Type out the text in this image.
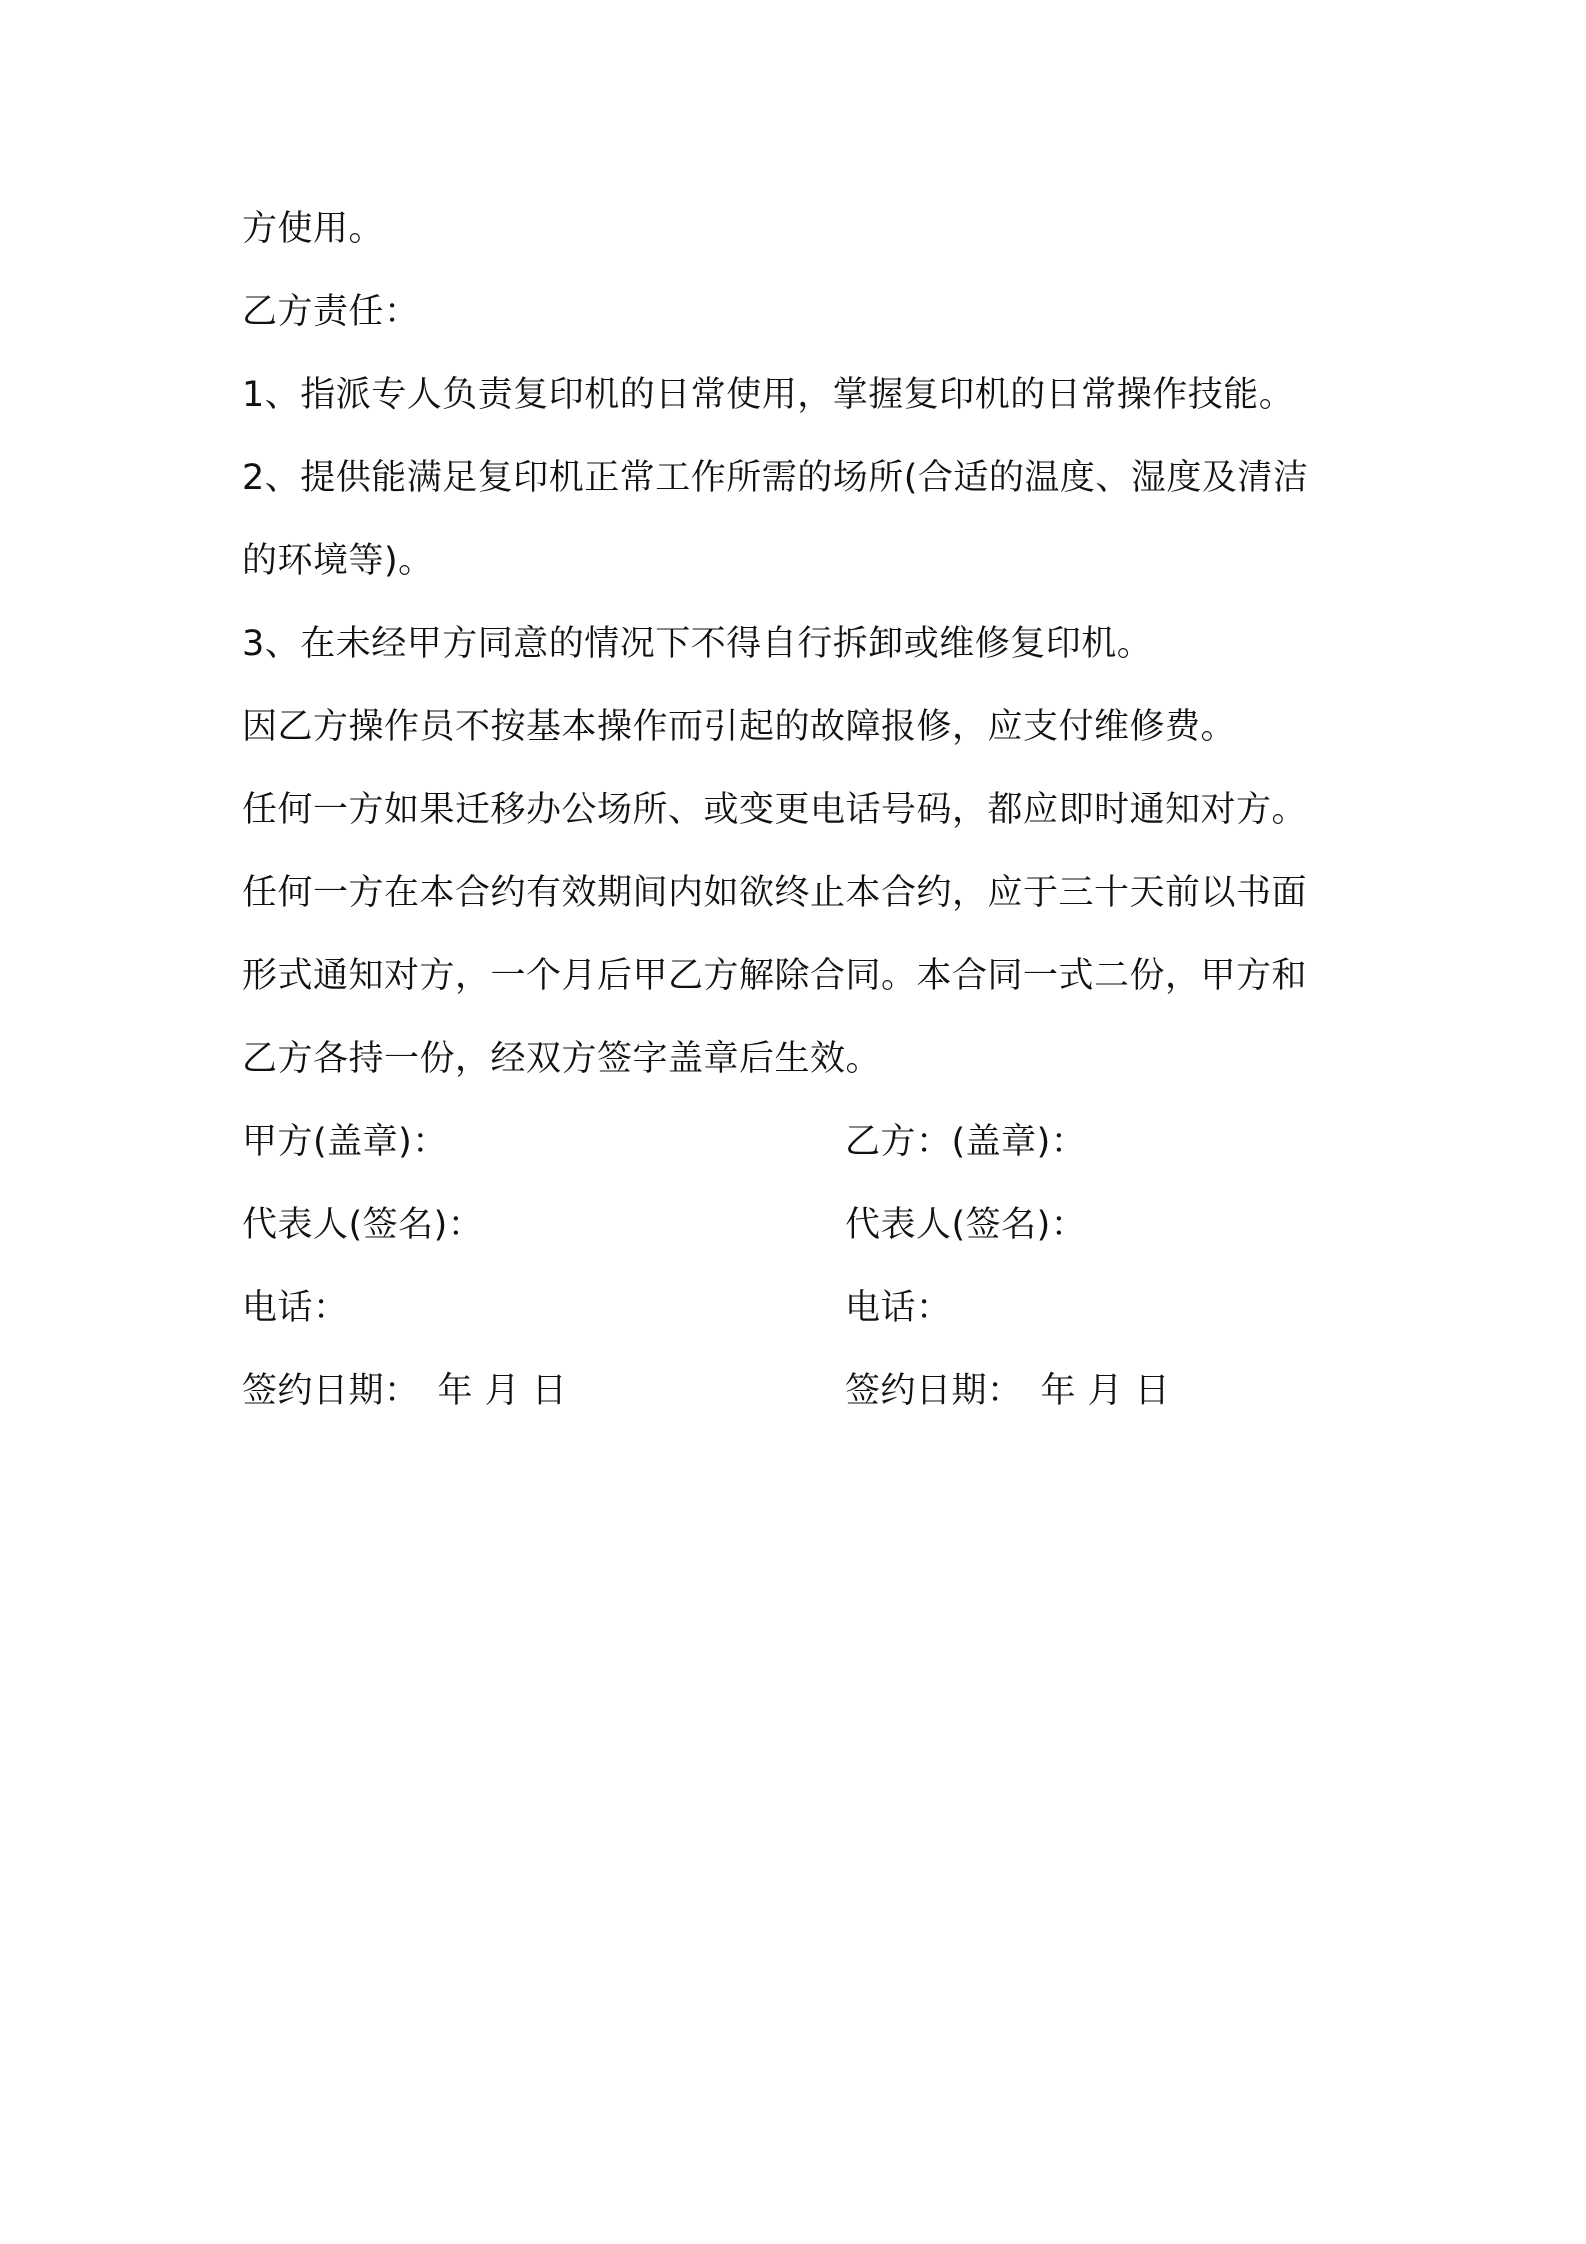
方使用。
乙方责任：
1、指派专人负责复印机的日常使用，掌握复印机的日常操作技能。
2、提供能满足复印机正常工作所需的场所(合适的温度、湿度及清洁
的环境等)。
3、在未经甲方同意的情况下不得自行拆卸或维修复印机。
因乙方操作员不按基本操作而引起的故障报修，应支付维修费。
任何一方如果迁移办公场所、或变更电话号码，都应即时通知对方。
任何一方在本合约有效期间内如欲终止本合约，应于三十天前以书面
形式通知对方，一个月后甲乙方解除合同。本合同一式二份，甲方和
乙方各持一份，经双方签字盖章后生效。
甲方(盖章)：
代表人(签名)：
电话：
签约日期：　年 月 日
乙方：(盖章)：
代表人(签名)：
电话：
签约日期：　年 月 日
